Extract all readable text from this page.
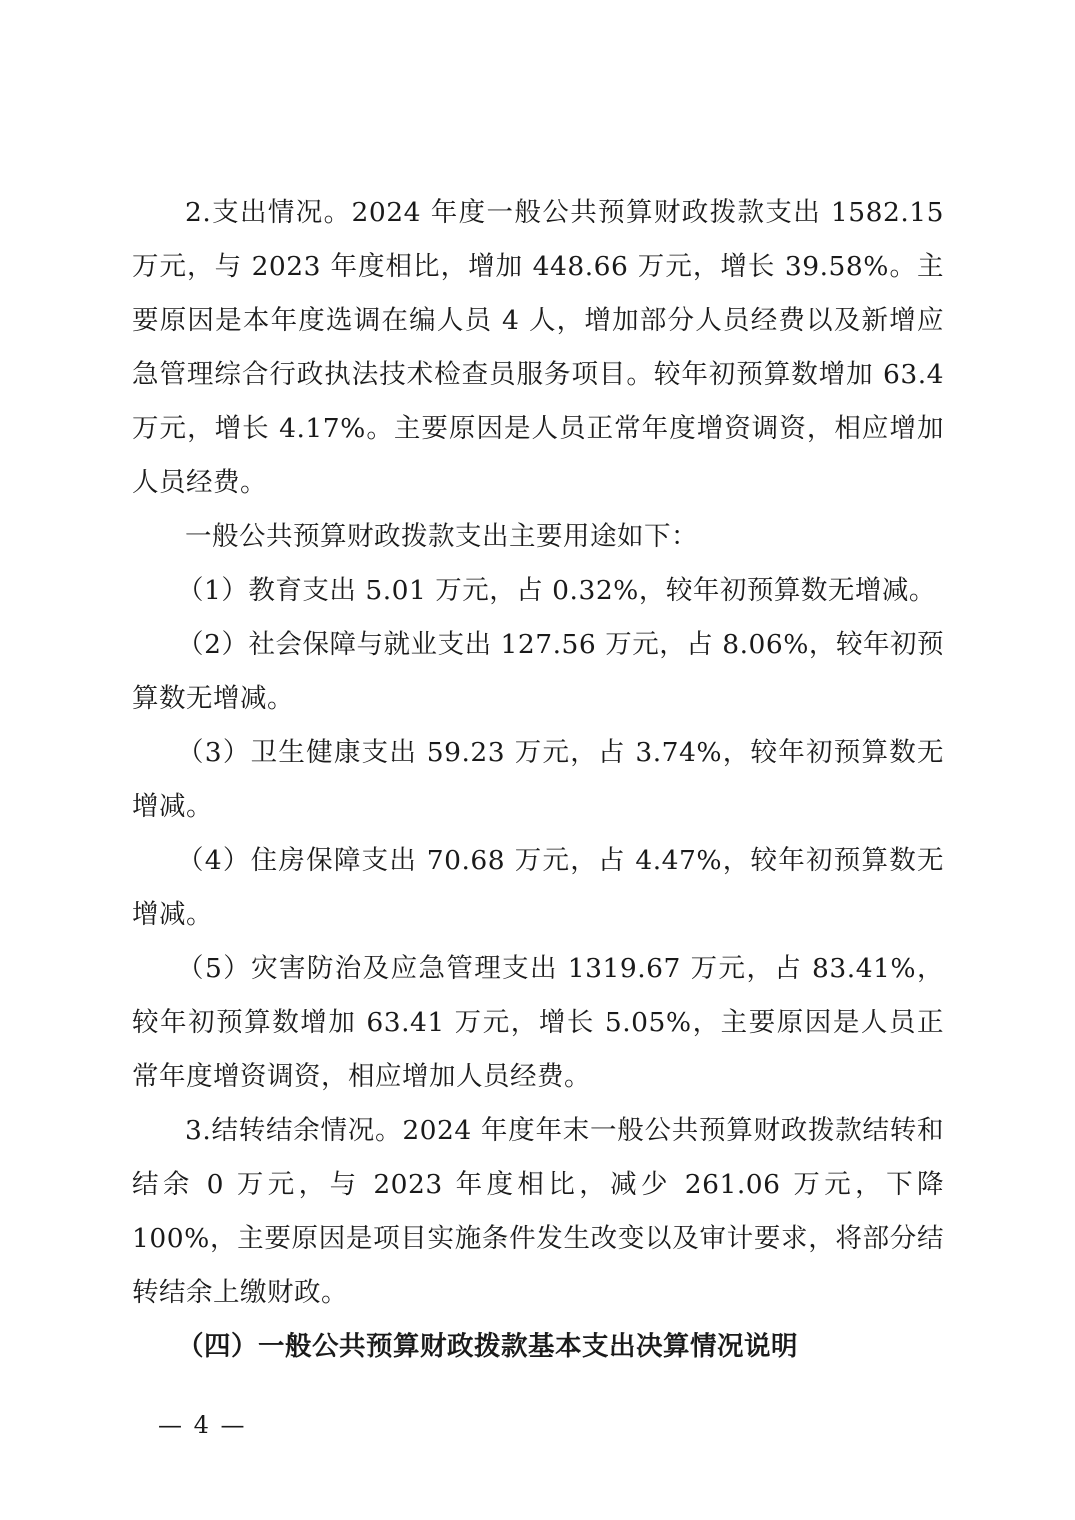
2.支出情况。2024 年度一般公共预算财政拨款支出 1582.15 万元，与 2023 年度相比，增加 448.66 万元，增长 39.58%。主要原因是本年度选调在编人员 4 人，增加部分人员经费以及新增应急管理综合行政执法技术检查员服务项目。较年初预算数增加 63.4 万元，增长 4.17%。主要原因是人员正常年度增资调资，相应增加人员经费。

一般公共预算财政拨款支出主要用途如下：

（1）教育支出 5.01 万元，占 0.32%，较年初预算数无增减。

（2）社会保障与就业支出 127.56 万元，占 8.06%，较年初预算数无增减。

（3）卫生健康支出 59.23 万元，占 3.74%，较年初预算数无增减。

（4）住房保障支出 70.68 万元，占 4.47%，较年初预算数无增减。

（5）灾害防治及应急管理支出 1319.67 万元，占 83.41%，较年初预算数增加 63.41 万元，增长 5.05%，主要原因是人员正常年度增资调资，相应增加人员经费。

3.结转结余情况。2024 年度年末一般公共预算财政拨款结转和结余 0 万元，与 2023 年度相比，减少 261.06 万元，下降 100%，主要原因是项目实施条件发生改变以及审计要求，将部分结转结余上缴财政。

（四）一般公共预算财政拨款基本支出决算情况说明

— 4 —
